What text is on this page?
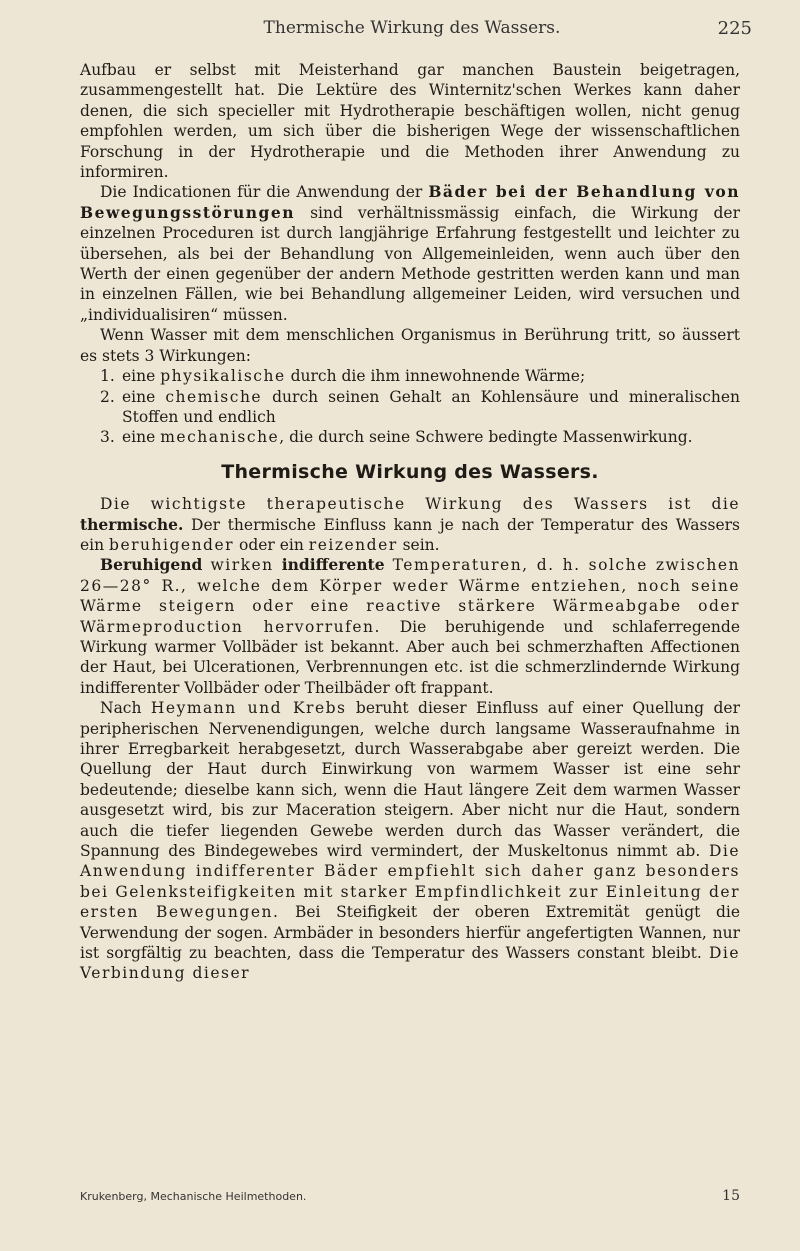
Thermische Wirkung des Wassers.	225

Aufbau er selbst mit Meisterhand gar manchen Baustein beigetragen, zusammengestellt hat. Die Lektüre des Winternitz'schen Werkes kann daher denen, die sich specieller mit Hydrotherapie beschäftigen wollen, nicht genug empfohlen werden, um sich über die bisherigen Wege der wissenschaftlichen Forschung in der Hydrotherapie und die Methoden ihrer Anwendung zu informiren.

Die Indicationen für die Anwendung der Bäder bei der Behandlung von Bewegungsstörungen sind verhältnissmässig einfach, die Wirkung der einzelnen Proceduren ist durch langjährige Erfahrung festgestellt und leichter zu übersehen, als bei der Behandlung von Allgemeinleiden, wenn auch über den Werth der einen gegenüber der andern Methode gestritten werden kann und man in einzelnen Fällen, wie bei Behandlung allgemeiner Leiden, wird versuchen und „individualisiren“ müssen.

Wenn Wasser mit dem menschlichen Organismus in Berührung tritt, so äussert es stets 3 Wirkungen:

1. eine physikalische durch die ihm innewohnende Wärme;
2. eine chemische durch seinen Gehalt an Kohlensäure und mineralischen Stoffen und endlich
3. eine mechanische, die durch seine Schwere bedingte Massenwirkung.
Thermische Wirkung des Wassers.

Die wichtigste therapeutische Wirkung des Wassers ist die thermische. Der thermische Einfluss kann je nach der Temperatur des Wassers ein beruhigender oder ein reizender sein.

Beruhigend wirken indifferente Temperaturen, d. h. solche zwischen 26—28° R., welche dem Körper weder Wärme entziehen, noch seine Wärme steigern oder eine reactive stärkere Wärmeabgabe oder Wärmeproduction hervorrufen. Die beruhigende und schlaferregende Wirkung warmer Vollbäder ist bekannt. Aber auch bei schmerzhaften Affectionen der Haut, bei Ulcerationen, Verbrennungen etc. ist die schmerzlindernde Wirkung indifferenter Vollbäder oder Theilbäder oft frappant.

Nach Heymann und Krebs beruht dieser Einfluss auf einer Quellung der peripherischen Nervenendigungen, welche durch langsame Wasseraufnahme in ihrer Erregbarkeit herabgesetzt, durch Wasserabgabe aber gereizt werden. Die Quellung der Haut durch Einwirkung von warmem Wasser ist eine sehr bedeutende; dieselbe kann sich, wenn die Haut längere Zeit dem warmen Wasser ausgesetzt wird, bis zur Maceration steigern. Aber nicht nur die Haut, sondern auch die tiefer liegenden Gewebe werden durch das Wasser verändert, die Spannung des Bindegewebes wird vermindert, der Muskeltonus nimmt ab. Die Anwendung indifferenter Bäder empfiehlt sich daher ganz besonders bei Gelenksteifigkeiten mit starker Empfindlichkeit zur Einleitung der ersten Bewegungen. Bei Steifigkeit der oberen Extremität genügt die Verwendung der sogen. Armbäder in besonders hierfür angefertigten Wannen, nur ist sorgfältig zu beachten, dass die Temperatur des Wassers constant bleibt. Die Verbindung dieser

Krukenberg, Mechanische Heilmethoden.	15
